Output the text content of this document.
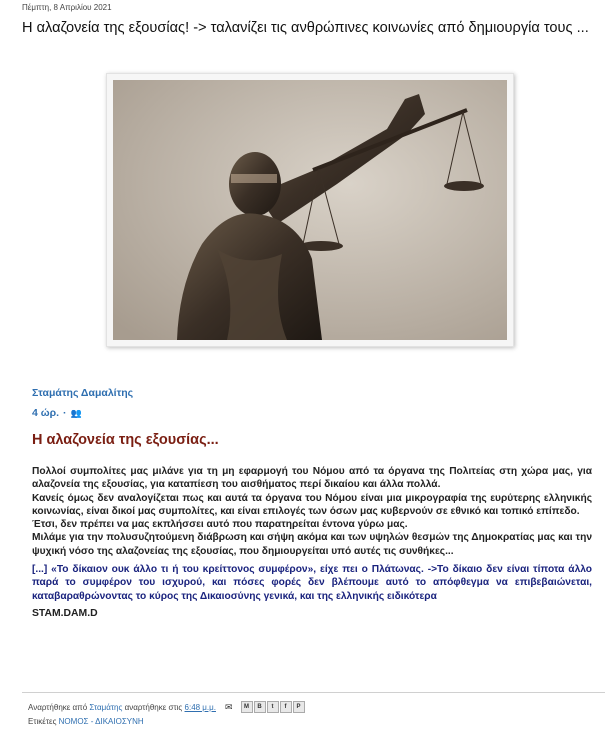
Πέμπτη, 8 Απριλίου 2021
Η αλαζονεία της εξουσίας! -> ταλανίζει τις ανθρώπινες κοινωνίες από δημιουργία τους ...
Σταμάτης Δαμαλίτης
4 ώρ. · 👥
Η αλαζονεία της εξουσίας...

Πολλοί συμπολίτες μας μιλάνε για τη μη εφαρμογή του Νόμου από τα όργανα της Πολιτείας στη χώρα μας, για αλαζονεία της εξουσίας, για καταπίεση του αισθήματος περί δικαίου και άλλα πολλά.

Κανείς όμως δεν αναλογίζεται πως και αυτά τα όργανα του Νόμου είναι μια μικρογραφία της ευρύτερης ελληνικής κοινωνίας, είναι δικοί μας συμπολίτες, και είναι επιλογές των όσων μας κυβερνούν σε εθνικό και τοπικό επίπεδο.

Έτσι, δεν πρέπει να μας εκπλήσσει αυτό που παρατηρείται έντονα γύρω μας.

Μιλάμε για την πολυσυζητούμενη διάβρωση και σήψη ακόμα και των υψηλών θεσμών της Δημοκρατίας μας και την ψυχική νόσο της αλαζονείας της εξουσίας, που δημιουργείται υπό αυτές τις συνθήκες...

[...] «Το δίκαιον ουκ άλλο τι ή του κρείττονος συμφέρον», είχε πει ο Πλάτωνας. ->Το δίκαιο δεν είναι τίποτα άλλο παρά το συμφέρον του ισχυρού, και πόσες φορές δεν βλέπουμε αυτό το απόφθεγμα να επιβεβαιώνεται, καταβαραθρώνοντας το κύρος της Δικαιοσύνης γενικά, και της ελληνικής ειδικότερα

STAM.DAM.D

Αναρτήθηκε από
Σταμάτης
αναρτήθηκε στις
6:48 μ.μ. ✉	M	B	t	f	P
Ετικέτες ΝΟΜΟΣ - ΔΙΚΑΙΟΣΥΝΗ
